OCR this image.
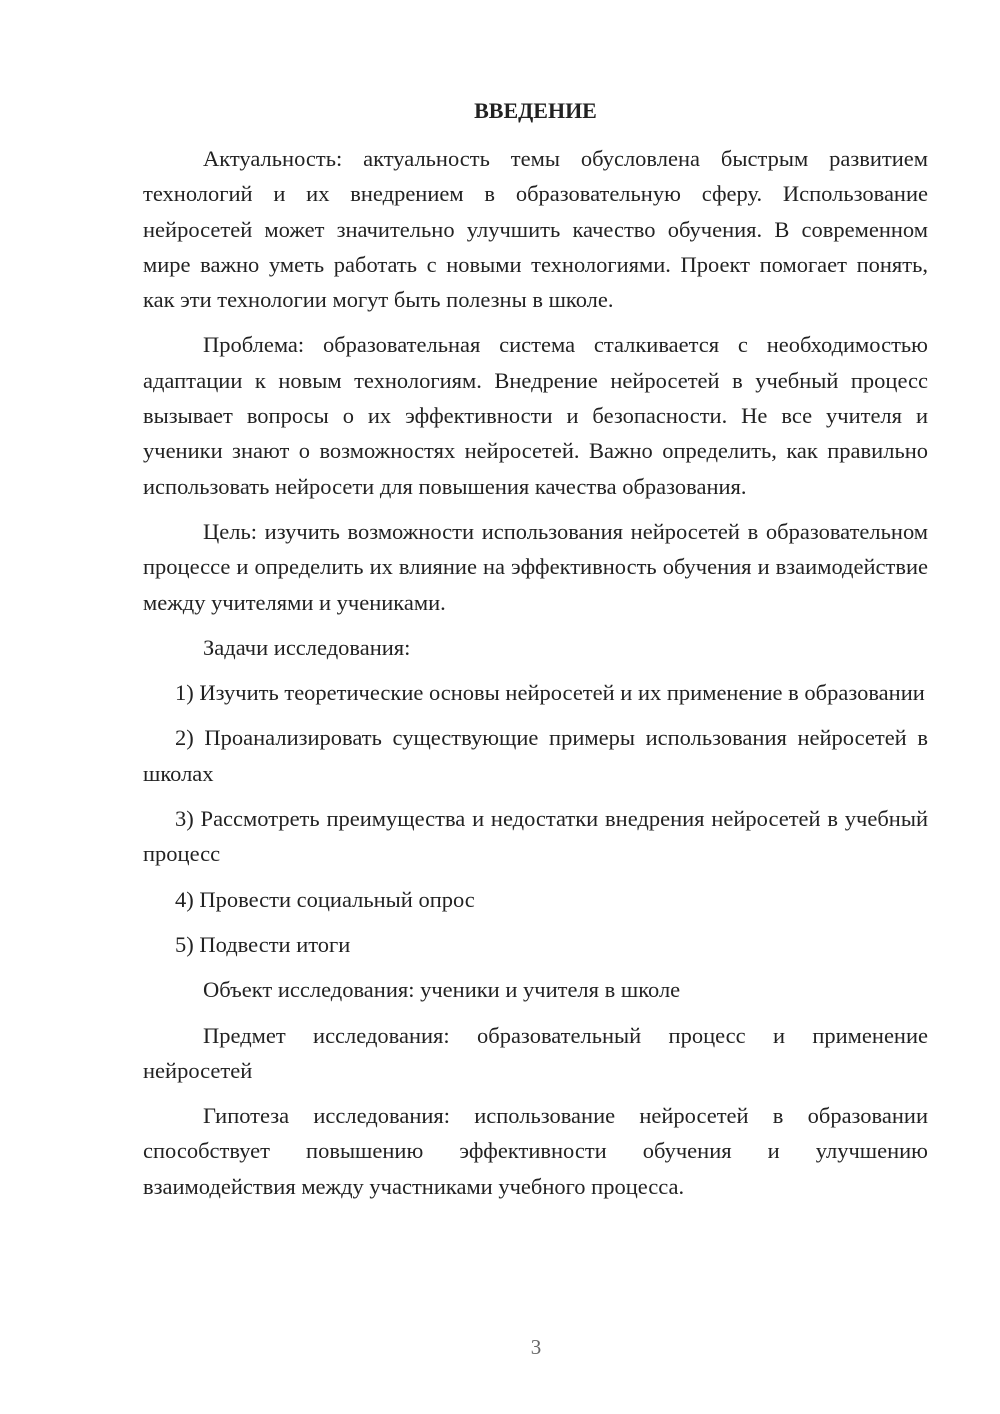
ВВЕДЕНИЕ

Актуальность: актуальность темы обусловлена быстрым развитием технологий и их внедрением в образовательную сферу. Использование нейросетей может значительно улучшить качество обучения. В современном мире важно уметь работать с новыми технологиями. Проект помогает понять, как эти технологии могут быть полезны в школе.

Проблема: образовательная система сталкивается с необходимостью адаптации к новым технологиям. Внедрение нейросетей в учебный процесс вызывает вопросы о их эффективности и безопасности. Не все учителя и ученики знают о возможностях нейросетей. Важно определить, как правильно использовать нейросети для повышения качества образования.

Цель: изучить возможности использования нейросетей в образовательном процессе и определить их влияние на эффективность обучения и взаимодействие между учителями и учениками.

Задачи исследования:

1) Изучить теоретические основы нейросетей и их применение в образовании

2) Проанализировать существующие примеры использования нейросетей в школах

3) Рассмотреть преимущества и недостатки внедрения нейросетей в учебный процесс

4) Провести социальный опрос

5) Подвести итоги

Объект исследования: ученики и учителя в школе

Предмет исследования: образовательный процесс и применение нейросетей

Гипотеза исследования: использование нейросетей в образовании способствует повышению эффективности обучения и улучшению взаимодействия между участниками учебного процесса.

3
